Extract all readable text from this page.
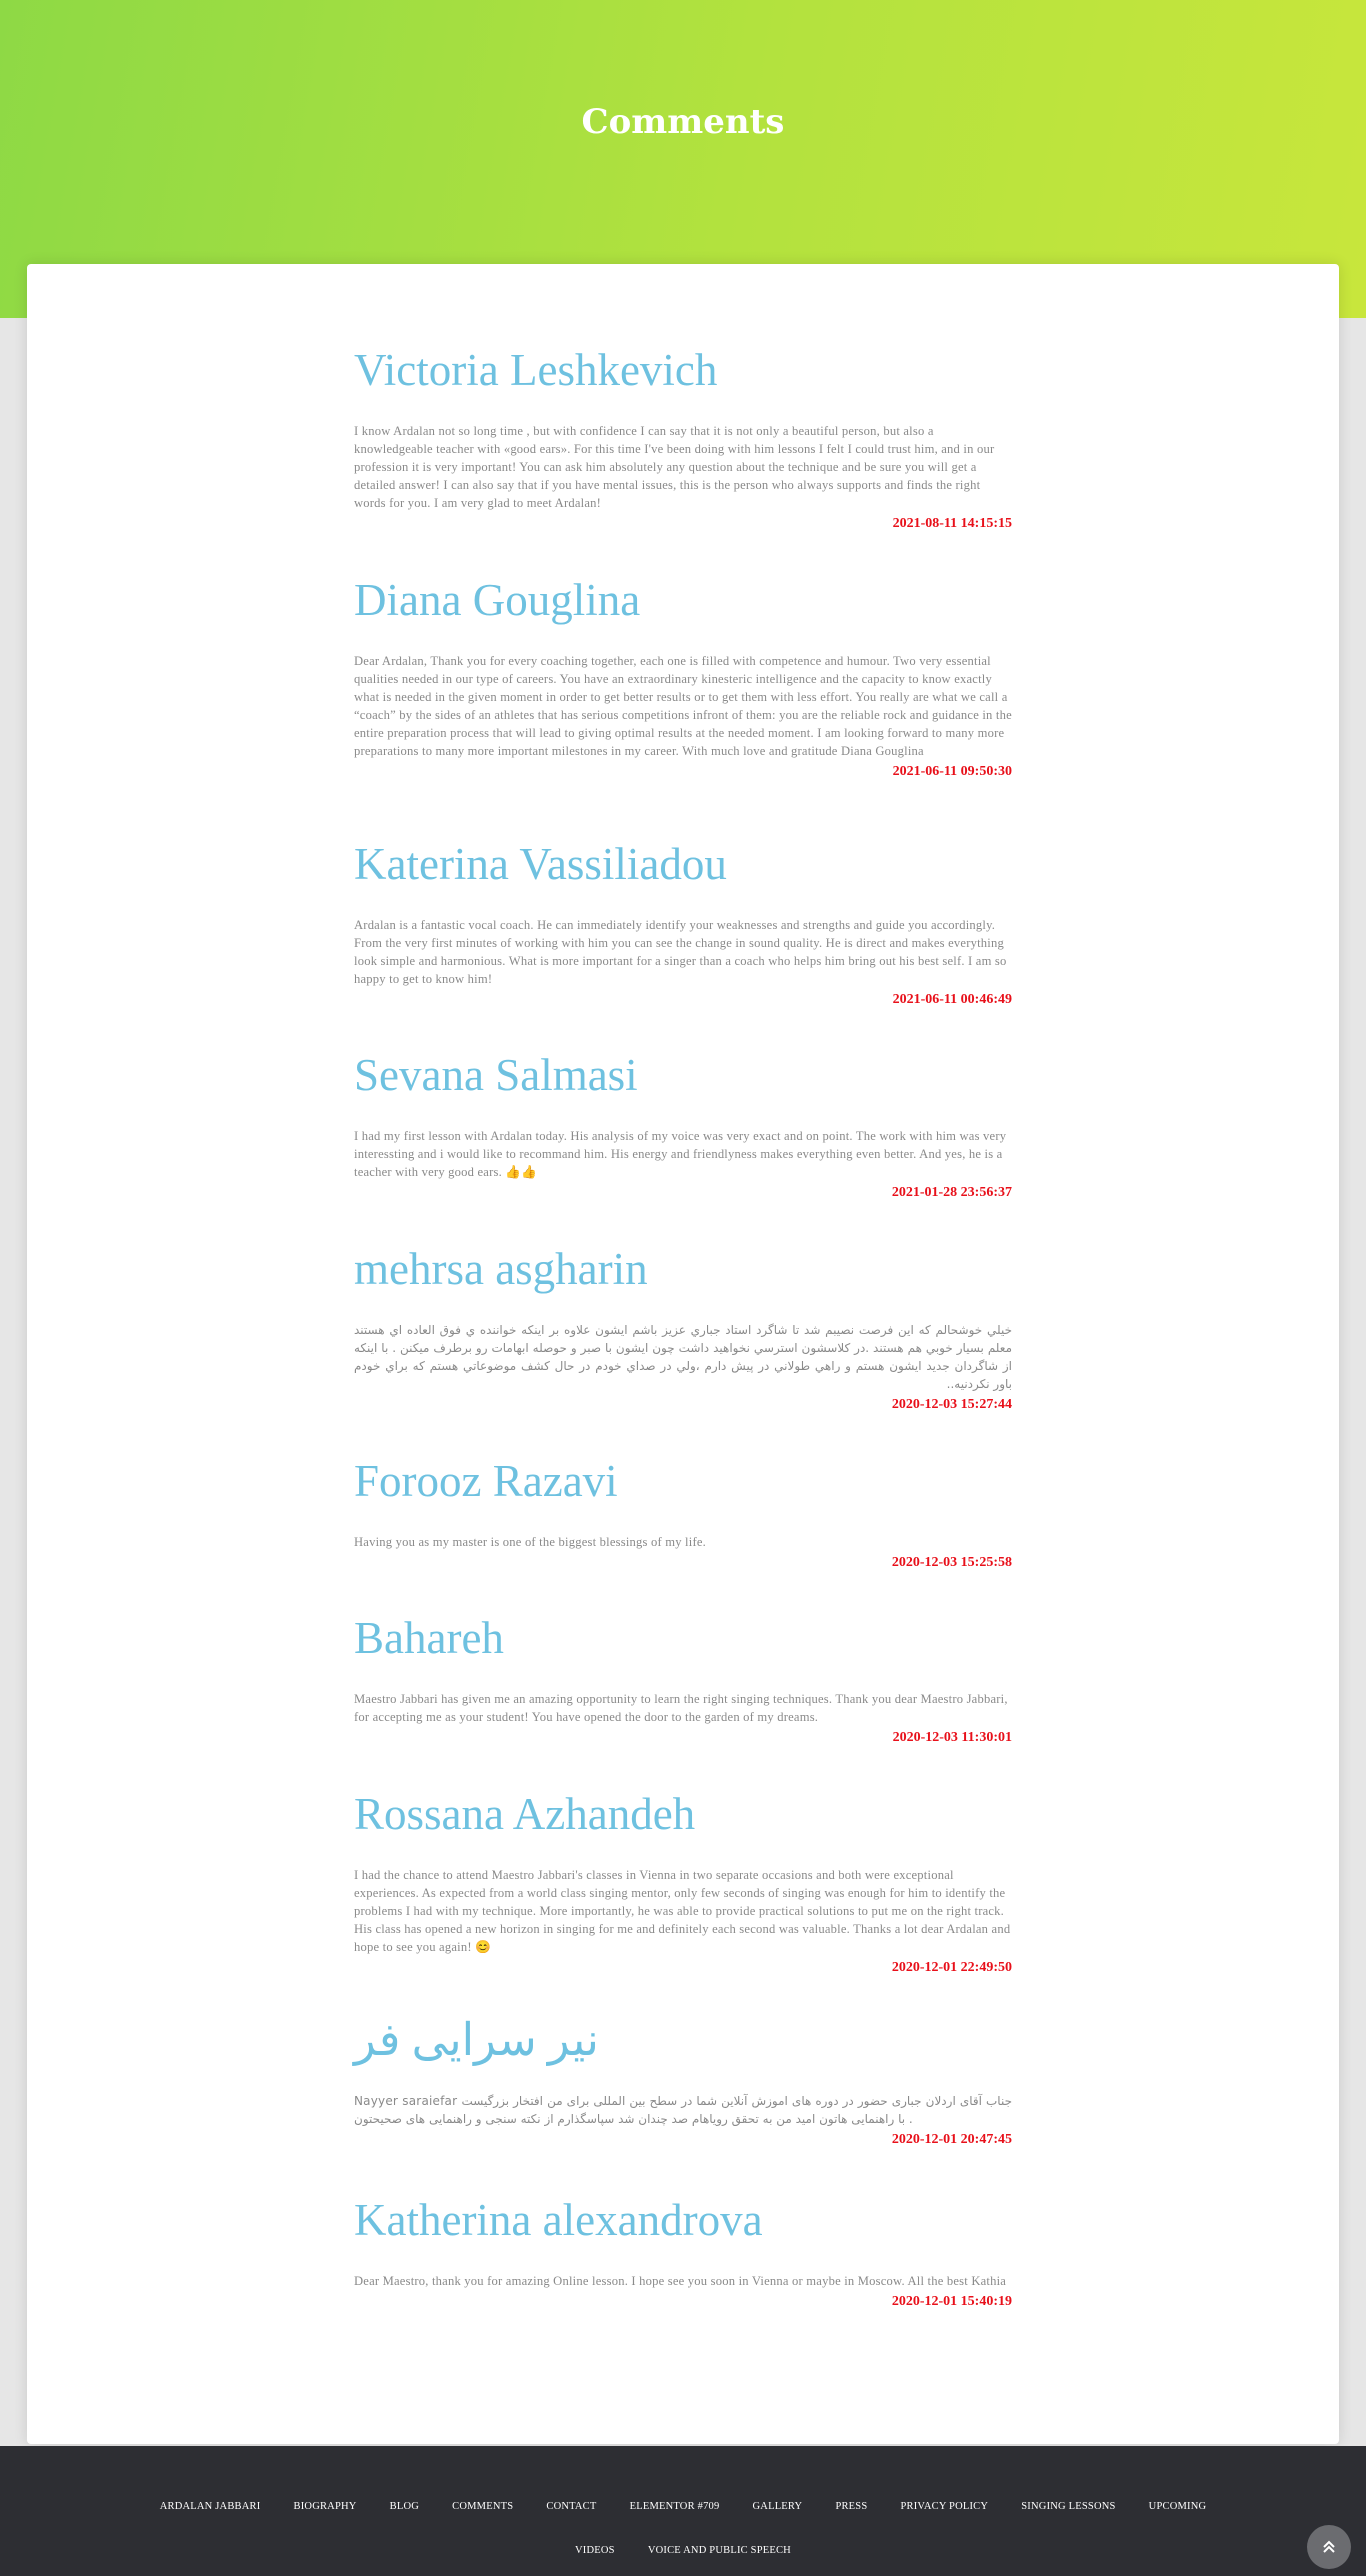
Comments
Victoria Leshkevich

I know Ardalan not so long time , but with confidence I can say that it is not only a beautiful person, but also a knowledgeable teacher with «good ears». For this time I've been doing with him lessons I felt I could trust him, and in our profession it is very important! You can ask him absolutely any question about the technique and be sure you will get a detailed answer! I can also say that if you have mental issues, this is the person who always supports and finds the right words for you. I am very glad to meet Ardalan!

2021-08-11 14:15:15
Diana Gouglina

Dear Ardalan, Thank you for every coaching together, each one is filled with competence and humour. Two very essential qualities needed in our type of careers. You have an extraordinary kinesteric intelligence and the capacity to know exactly what is needed in the given moment in order to get better results or to get them with less effort. You really are what we call a “coach” by the sides of an athletes that has serious competitions infront of them: you are the reliable rock and guidance in the entire preparation process that will lead to giving optimal results at the needed moment. I am looking forward to many more preparations to many more important milestones in my career. With much love and gratitude Diana Gouglina

2021-06-11 09:50:30
Katerina Vassiliadou

Ardalan is a fantastic vocal coach. He can immediately identify your weaknesses and strengths and guide you accordingly. From the very first minutes of working with him you can see the change in sound quality. He is direct and makes everything look simple and harmonious. What is more important for a singer than a coach who helps him bring out his best self. I am so happy to get to know him!

2021-06-11 00:46:49
Sevana Salmasi

I had my first lesson with Ardalan today. His analysis of my voice was very exact and on point. The work with him was very interessting and i would like to recommand him. His energy and friendlyness makes everything even better. And yes, he is a teacher with very good ears. 👍👍

2021-01-28 23:56:37
mehrsa asgharin

خيلي خوشحالم كه اين فرصت نصيبم شد تا شاگرد استاد جباري عزيز باشم ايشون علاوه بر اينكه خواننده ي فوق العاده اي هستند معلم بسيار خوبي هم هستند .در كلاسشون استرسي نخواهيد داشت چون ايشون با صبر و حوصله ابهامات رو برطرف ميكنن . با اينكه از شاگردان جديد ايشون هستم و راهي طولاني در پيش دارم ،ولي در صداي خودم در حال كشف موضوعاتي هستم كه براي خودم باور نكردنيه..

2020-12-03 15:27:44
Forooz Razavi

Having you as my master is one of the biggest blessings of my life.

2020-12-03 15:25:58
Bahareh

Maestro Jabbari has given me an amazing opportunity to learn the right singing techniques. Thank you dear Maestro Jabbari, for accepting me as your student! You have opened the door to the garden of my dreams.

2020-12-03 11:30:01
Rossana Azhandeh

I had the chance to attend Maestro Jabbari's classes in Vienna in two separate occasions and both were exceptional experiences. As expected from a world class singing mentor, only few seconds of singing was enough for him to identify the problems I had with my technique. More importantly, he was able to provide practical solutions to put me on the right track. His class has opened a new horizon in singing for me and definitely each second was valuable. Thanks a lot dear Ardalan and hope to see you again! 😊

2020-12-01 22:49:50
نیر سرایی فر

Nayyer saraiefar جناب آقای اردلان جباری حضور در دوره های اموزش آنلاین شما در سطح بین المللی برای من افتخار بزرگیست . با راهنمایی هاتون امید من به تحقق رویاهام صد چندان شد سپاسگذارم از نکته سنجی و راهنمایی های صحیحتون

2020-12-01 20:47:45
Katherina alexandrova

Dear Maestro, thank you for amazing Online lesson. I hope see you soon in Vienna or maybe in Moscow. All the best Kathia

2020-12-01 15:40:19
ARDALAN JABBARI	BIOGRAPHY	BLOG	COMMENTS	CONTACT	ELEMENTOR #709	GALLERY	PRESS	PRIVACY POLICY	SINGING LESSONS	UPCOMING
VIDEOS	VOICE AND PUBLIC SPEECH
